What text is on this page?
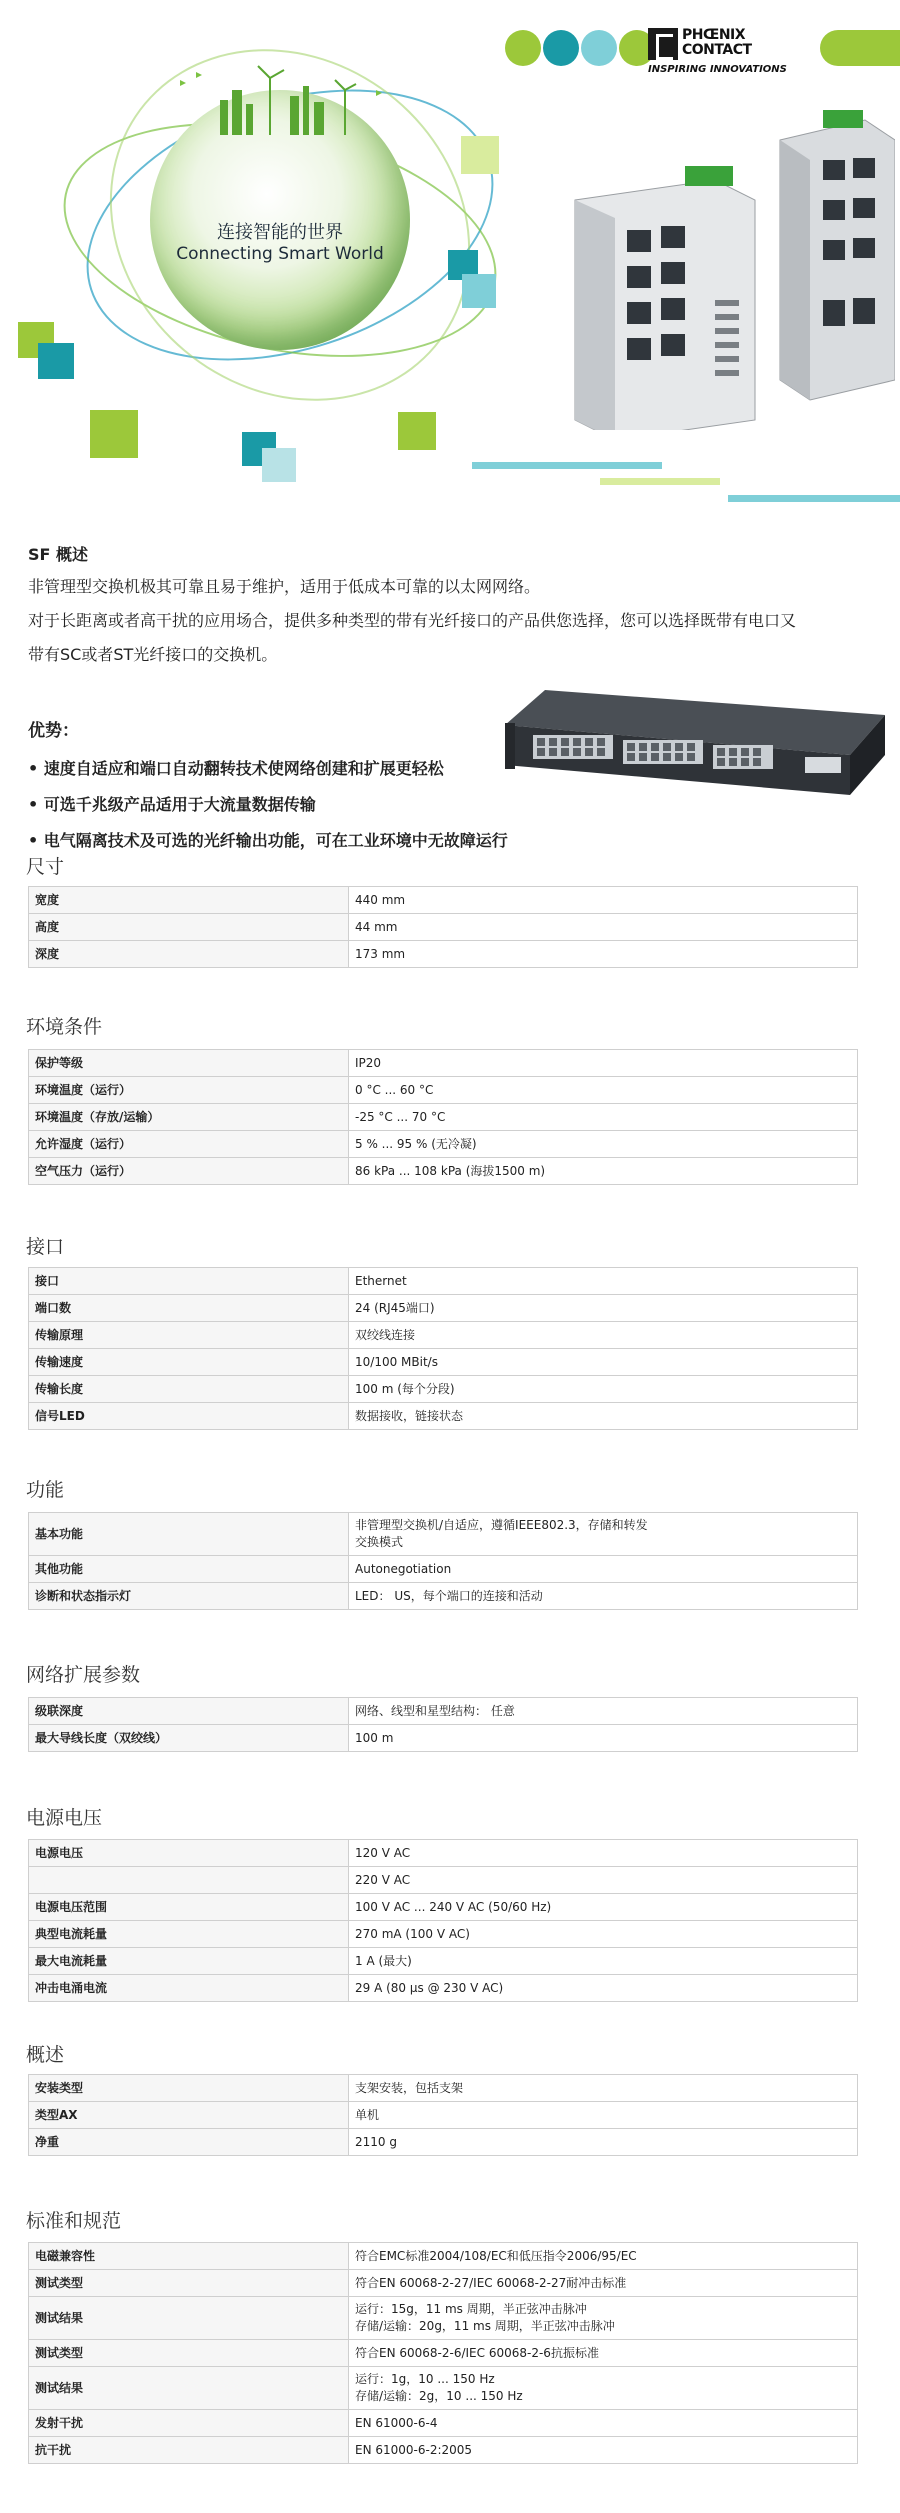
连接智能的世界
Connecting Smart World
PHŒNIX
CONTACT
INSPIRING INNOVATIONS
SF 概述
非管理型交换机极其可靠且易于维护，适用于低成本可靠的以太网网络。
对于长距离或者高干扰的应用场合，提供多种类型的带有光纤接口的产品供您选择，您可以选择既带有电口又
带有SC或者ST光纤接口的交换机。
优势：
• 速度自适应和端口自动翻转技术使网络创建和扩展更轻松
• 可选千兆级产品适用于大流量数据传输
• 电气隔离技术及可选的光纤输出功能，可在工业环境中无故障运行
尺寸
宽度	440 mm
高度	44 mm
深度	173 mm
环境条件
保护等级	IP20
环境温度（运行）	0 °C ... 60 °C
环境温度（存放/运输）	-25 °C ... 70 °C
允许湿度（运行）	5 % ... 95 % (无冷凝)
空气压力（运行）	86 kPa ... 108 kPa (海拔1500 m)
接口
接口	Ethernet
端口数	24 (RJ45端口)
传输原理	双绞线连接
传输速度	10/100 MBit/s
传输长度	100 m (每个分段)
信号LED	数据接收，链接状态
功能
基本功能	非管理型交换机/自适应，遵循IEEE802.3，存储和转发
交换模式
其他功能	Autonegotiation
诊断和状态指示灯	LED： US，每个端口的连接和活动
网络扩展参数
级联深度	网络、线型和星型结构： 任意
最大导线长度（双绞线）	100 m
电源电压
电源电压	120 V AC
	220 V AC
电源电压范围	100 V AC ... 240 V AC (50/60 Hz)
典型电流耗量	270 mA (100 V AC)
最大电流耗量	1 A (最大)
冲击电涌电流	29 A (80 µs @ 230 V AC)
概述
安装类型	支架安装，包括支架
类型AX	单机
净重	2110 g
标准和规范
电磁兼容性	符合EMC标准2004/108/EC和低压指令2006/95/EC
测试类型	符合EN 60068-2-27/IEC 60068-2-27耐冲击标准
测试结果	运行：15g，11 ms 周期，半正弦冲击脉冲
存储/运输：20g，11 ms 周期，半正弦冲击脉冲
测试类型	符合EN 60068-2-6/IEC 60068-2-6抗振标准
测试结果	运行：1g，10 ... 150 Hz
存储/运输：2g，10 ... 150 Hz
发射干扰	EN 61000-6-4
抗干扰	EN 61000-6-2:2005
